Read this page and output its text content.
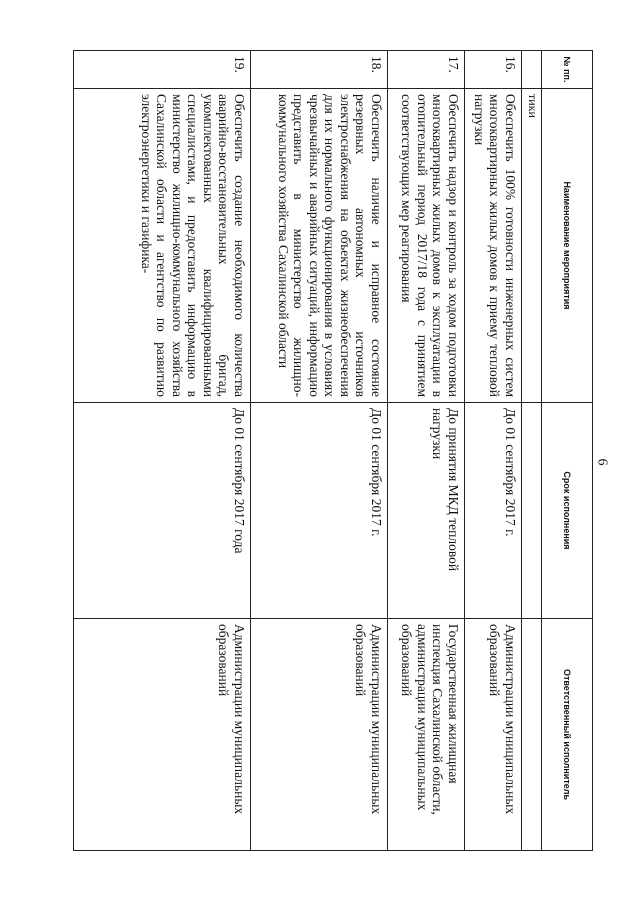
6
№ пп.	Наименование мероприятия	Срок исполнения	Ответственный исполнитель
	тики		
16.	Обеспечить 100% готовности инженерных систем многоквартирных жилых домов к приему тепловой нагрузки	До 01 сентября 2017 г.	Администрации муниципальных образований
17.	Обеспечить надзор и контроль за ходом подготовки многоквартирных жилых домов к эксплуатации в отопительный период 2017/18 года с принятием соответствующих мер реагирования	До принятия МКД тепловой нагрузки	Государственная жилищная инспекция Сахалинской области, администрации муниципальных образований
18.	Обеспечить наличие и исправное состояние резервных автономных источников электроснабжения на объектах жизнеобеспечения для их нормального функционирования в условиях чрезвычайных и аварийных ситуаций, информацию представить в министерство жилищно-коммунального хозяйства Сахалинской области	До 01 сентября 2017 г.	Администрации муниципальных образований
19.	Обеспечить создание необходимого количества аварийно-восстановительных бригад, укомплектованных квалифицированными специалистами, и предоставить информацию в министерство жилищно-коммунального хозяйства Сахалинской области и агентство по развитию электроэнергетики и газифика-	До 01 сентября 2017 года	Администрации муниципальных образований
